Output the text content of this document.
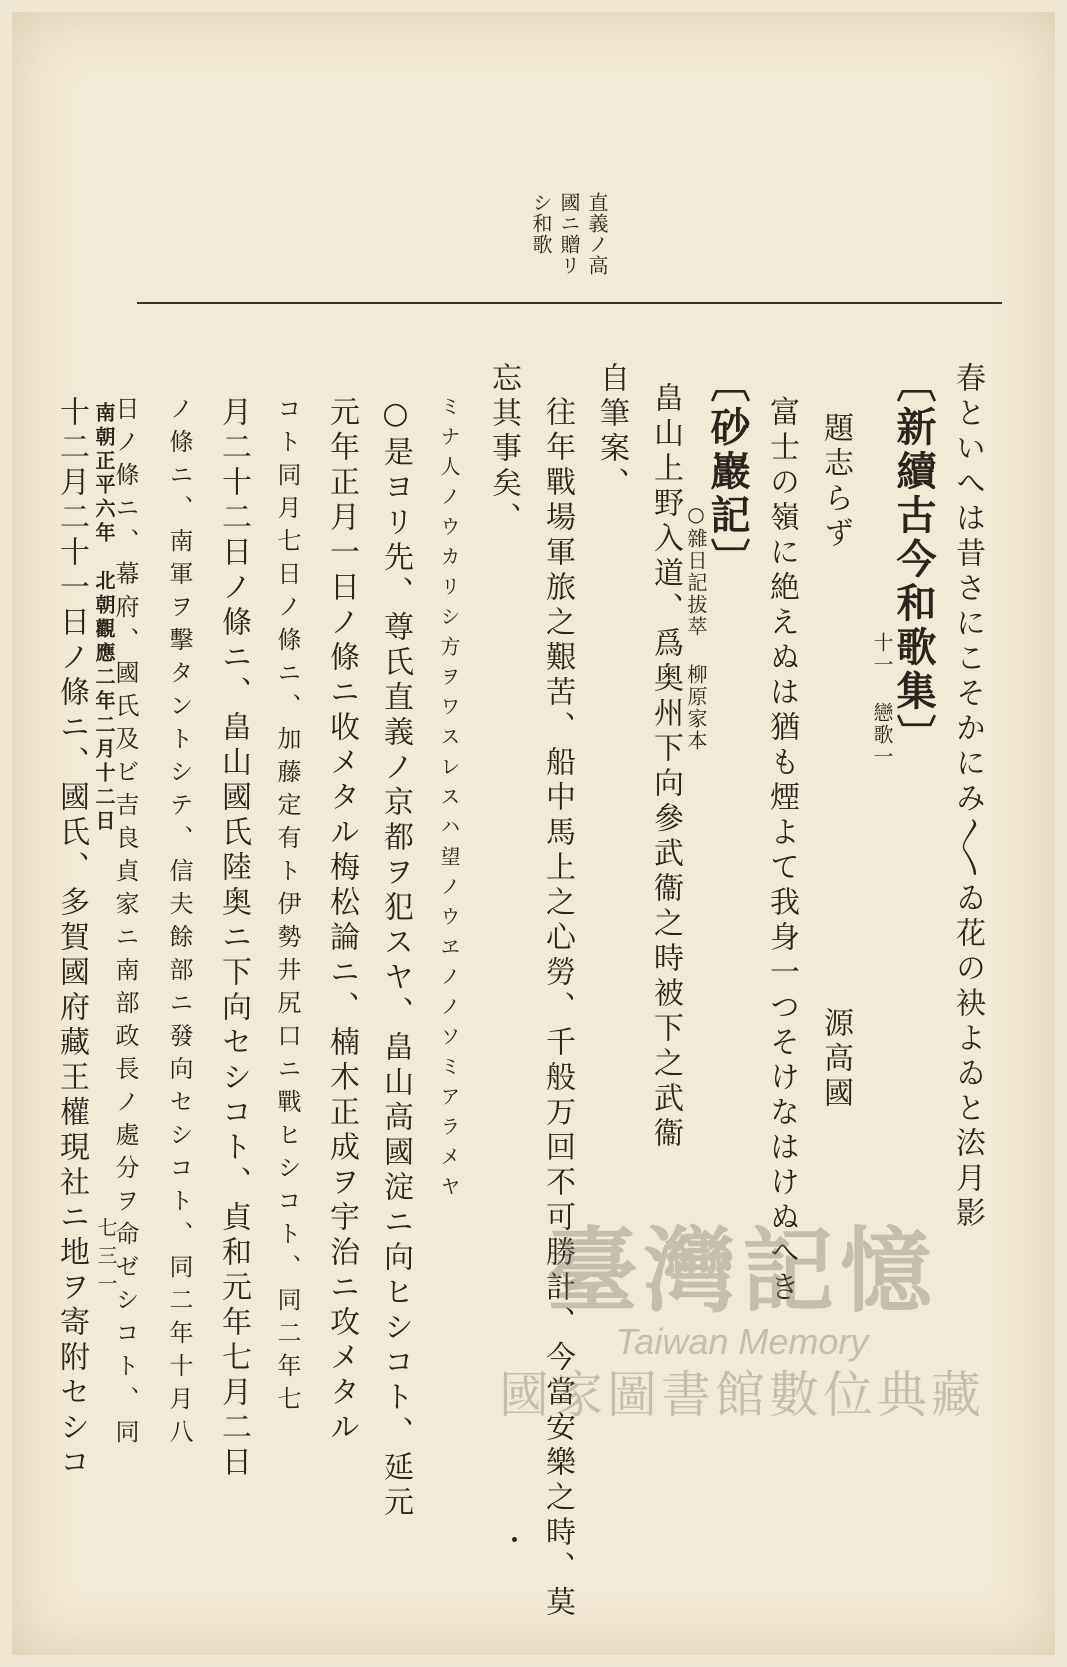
直義ノ高
國ニ贈リ
シ和歌
春といへは昔さにこそかにみ〳〵ゐ花の袂よゐと㳒月影
〔新續古今和歌集〕
十一 戀歌一
題志らず　　　　　　　　　　　　　源高國
富士の嶺に絶えぬは猶も煙よて我身一つそけなはけぬへき
〔砂巖記〕
○雜日記拔萃 柳原家本
畠山上野入道、爲奥州下向參武衞之時被下之武衞
自筆案、
往年戰場軍旅之艱苦、船中馬上之心勞、千般万回不可勝計、今當安樂之時、莫
忘其事矣、
ミナ人ノウカリシ方ヲワスレスハ望ノウヱノノソミアラメヤ
○是ヨリ先、尊氏直義ノ京都ヲ犯スヤ、畠山高國淀ニ向ヒシコト、延元
元年正月一日ノ條ニ收メタル梅松論ニ、楠木正成ヲ宇治ニ攻メタル
コト同月七日ノ條ニ、加藤定有ト伊勢井尻口ニ戰ヒシコト、同二年七
月二十二日ノ條ニ、畠山國氏陸奥ニ下向セシコト、貞和元年七月二日
ノ條ニ、南軍ヲ擊タントシテ、信夫餘部ニ發向セシコト、同二年十月八
日ノ條ニ、幕府、國氏及ビ吉良貞家ニ南部政長ノ處分ヲ命ゼシコト、同
十二月二十一日ノ條ニ、國氏、多賀國府藏王權現社ニ地ヲ寄附セシコ 南朝正平六年　北朝觀應二年二月十二日
七三一	臺灣記憶
Taiwan Memory
國家圖書館數位典藏
